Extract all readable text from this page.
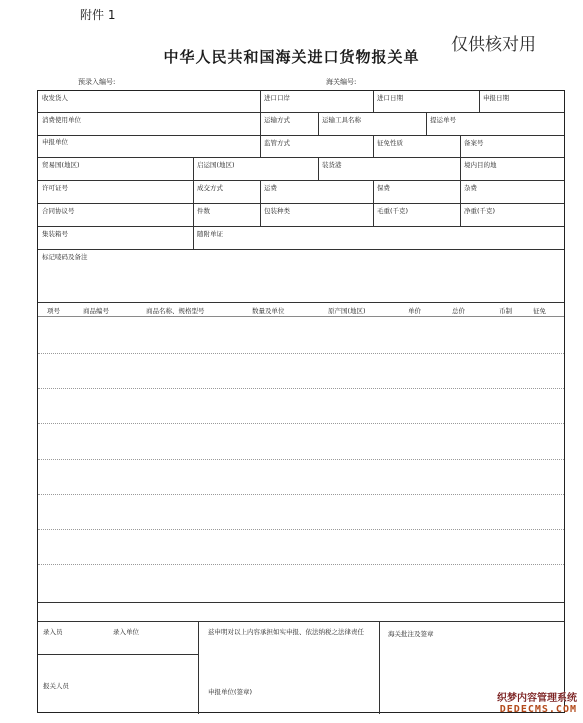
附件 1
仅供核对用
中华人民共和国海关进口货物报关单
预录入编号:	海关编号:
收发货人	进口口岸	进口日期	申报日期
消费使用单位	运输方式	运输工具名称	提运单号
申报单位	监管方式	征免性质	备案号
贸易国(地区)	启运国(地区)	装货港	境内目的地
许可证号	成交方式	运费	保费	杂费
合同协议号	件数	包装种类	毛重(千克)	净重(千克)
集装箱号	随附单证
标记唛码及备注
项号	商品编号	商品名称、规格型号	数量及单位	原产国(地区)	单价	总价	币制	征免
录入员	录入单位	兹申明对以上内容承担如实申报、依法纳税之法律责任	海关批注及签章
报关人员
申报单位(签章)
织梦内容管理系统
DEDECMS.COM
